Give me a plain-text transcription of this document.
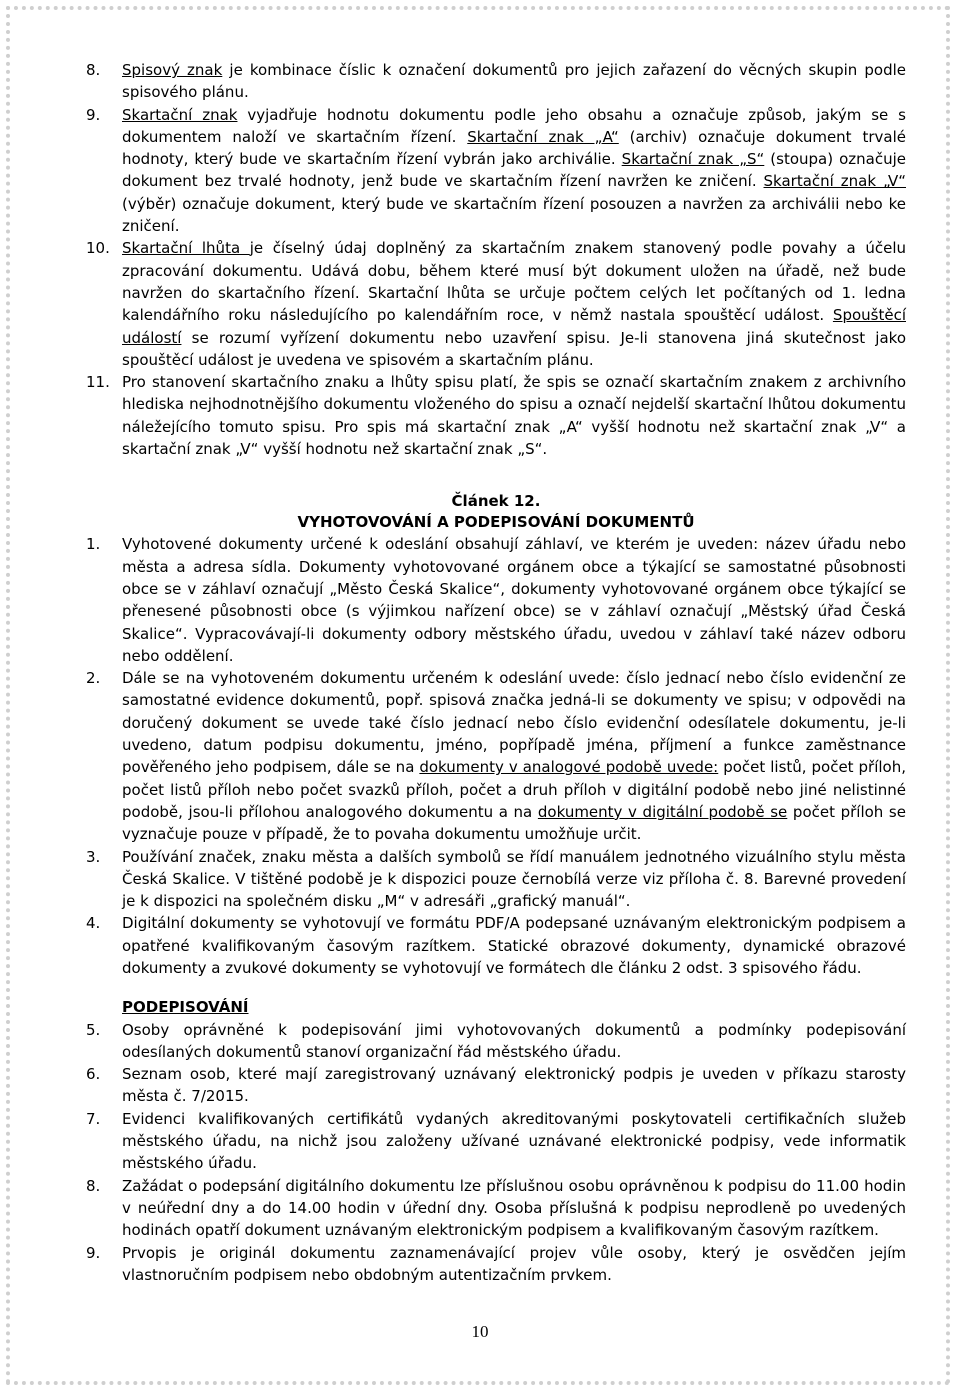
8. Spisový znak je kombinace číslic k označení dokumentů pro jejich zařazení do věcných skupin podle spisového plánu.
9. Skartační znak vyjadřuje hodnotu dokumentu podle jeho obsahu a označuje způsob, jakým se s dokumentem naloží ve skartačním řízení. Skartační znak „A“ (archiv) označuje dokument trvalé hodnoty, který bude ve skartačním řízení vybrán jako archiválie. Skartační znak „S“ (stoupa) označuje dokument bez trvalé hodnoty, jenž bude ve skartačním řízení navržen ke zničení. Skartační znak „V“ (výběr) označuje dokument, který bude ve skartačním řízení posouzen a navržen za archiválii nebo ke zničení.
10. Skartační lhůta je číselný údaj doplněný za skartačním znakem stanovený podle povahy a účelu zpracování dokumentu. Udává dobu, během které musí být dokument uložen na úřadě, než bude navržen do skartačního řízení. Skartační lhůta se určuje počtem celých let počítaných od 1. ledna kalendářního roku následujícího po kalendářním roce, v němž nastala spouštěcí událost. Spouštěcí událostí se rozumí vyřízení dokumentu nebo uzavření spisu. Je-li stanovena jiná skutečnost jako spouštěcí událost je uvedena ve spisovém a skartačním plánu.
11. Pro stanovení skartačního znaku a lhůty spisu platí, že spis se označí skartačním znakem z archivního hlediska nejhodnotnějšího dokumentu vloženého do spisu a označí nejdelší skartační lhůtou dokumentu náležejícího tomuto spisu. Pro spis má skartační znak „A“ vyšší hodnotu než skartační znak „V“ a skartační znak „V“ vyšší hodnotu než skartační znak „S“.
Článek 12.
VYHOTOVOVÁNÍ A PODEPISOVÁNÍ DOKUMENTŮ
1. Vyhotovené dokumenty určené k odeslání obsahují záhlaví, ve kterém je uveden: název úřadu nebo města a adresa sídla. Dokumenty vyhotovované orgánem obce a týkající se samostatné působnosti obce se v záhlaví označují „Město Česká Skalice“, dokumenty vyhotovované orgánem obce týkající se přenesené působnosti obce (s výjimkou nařízení obce) se v záhlaví označují „Městský úřad Česká Skalice“. Vypracovávají-li dokumenty odbory městského úřadu, uvedou v záhlaví také název odboru nebo oddělení.
2. Dále se na vyhotoveném dokumentu určeném k odeslání uvede: číslo jednací nebo číslo evidenční ze samostatné evidence dokumentů, popř. spisová značka jedná-li se dokumenty ve spisu; v odpovědi na doručený dokument se uvede také číslo jednací nebo číslo evidenční odesílatele dokumentu, je-li uvedeno, datum podpisu dokumentu, jméno, popřípadě jména, příjmení a funkce zaměstnance pověřeného jeho podpisem, dále se na dokumenty v analogové podobě uvede: počet listů, počet příloh, počet listů příloh nebo počet svazků příloh, počet a druh příloh v digitální podobě nebo jiné nelistinné podobě, jsou-li přílohou analogového dokumentu a na dokumenty v digitální podobě se počet příloh se vyznačuje pouze v případě, že to povaha dokumentu umožňuje určit.
3. Používání značek, znaku města a dalších symbolů se řídí manuálem jednotného vizuálního stylu města Česká Skalice. V tištěné podobě je k dispozici pouze černobílá verze viz příloha č. 8. Barevné provedení je k dispozici na společném disku „M“ v adresáři „grafický manuál“.
4. Digitální dokumenty se vyhotovují ve formátu PDF/A podepsané uznávaným elektronickým podpisem a opatřené kvalifikovaným časovým razítkem. Statické obrazové dokumenty, dynamické obrazové dokumenty a zvukové dokumenty se vyhotovují ve formátech dle článku 2 odst. 3 spisového řádu.
PODEPISOVÁNÍ
5. Osoby oprávněné k podepisování jimi vyhotovovaných dokumentů a podmínky podepisování odesílaných dokumentů stanoví organizační řád městského úřadu.
6. Seznam osob, které mají zaregistrovaný uznávaný elektronický podpis je uveden v příkazu starosty města č. 7/2015.
7. Evidenci kvalifikovaných certifikátů vydaných akreditovanými poskytovateli certifikačních služeb městského úřadu, na nichž jsou založeny užívané uznávané elektronické podpisy, vede informatik městského úřadu.
8. Zažádat o podepsání digitálního dokumentu lze příslušnou osobu oprávněnou k podpisu do 11.00 hodin v neúřední dny a do 14.00 hodin v úřední dny. Osoba příslušná k podpisu neprodleně po uvedených hodinách opatří dokument uznávaným elektronickým podpisem a kvalifikovaným časovým razítkem.
9. Prvopis je originál dokumentu zaznamenávající projev vůle osoby, který je osvědčen jejím vlastnoručním podpisem nebo obdobným autentizačním prvkem.
10
